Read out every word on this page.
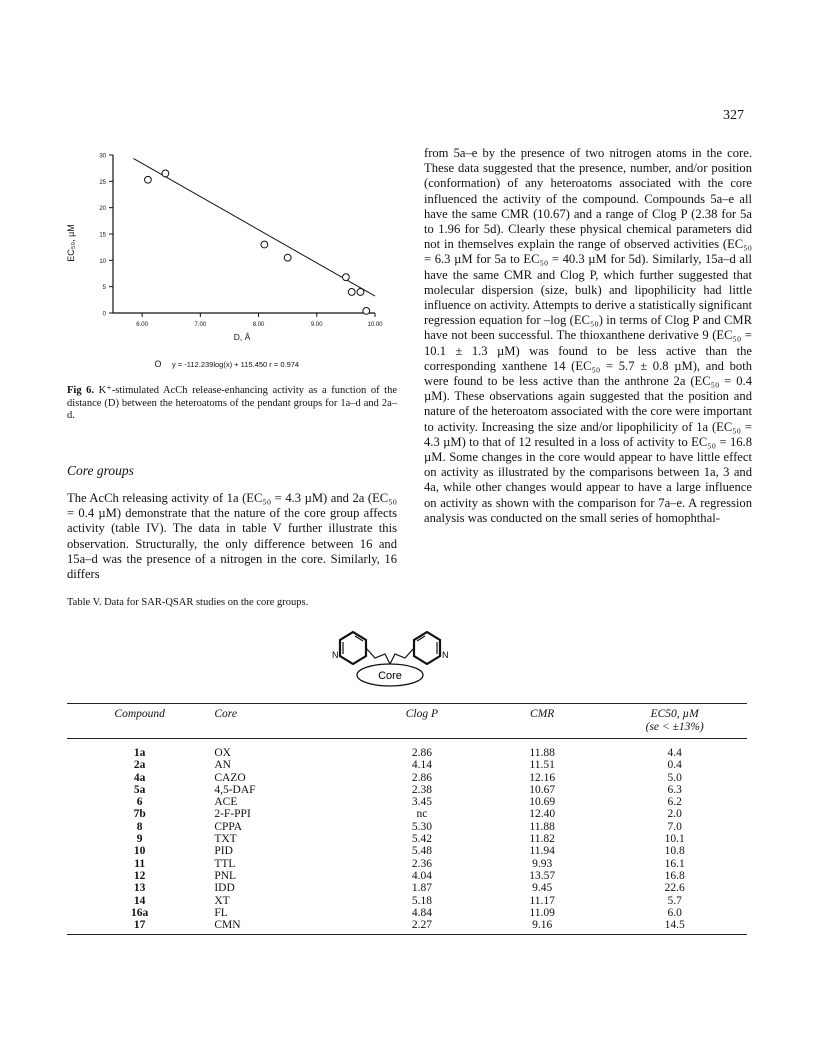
327
0
5
10
15
20
25
30
6.00	7.00	8.00	9.00	10.00
EC₅₀, µM
D, Å
O y = -112.239log(x) + 115.450 r = 0.974
Fig 6. K⁺-stimulated AcCh release-enhancing activity as a function of the distance (D) between the heteroatoms of the pendant groups for 1a–d and 2a–d.
Core groups

The AcCh releasing activity of 1a (EC₅₀ = 4.3 µM) and 2a (EC₅₀ = 0.4 µM) demonstrate that the nature of the core group affects activity (table IV). The data in table V further illustrate this observation. Structurally, the only difference between 16 and 15a–d was the presence of a nitrogen in the core. Similarly, 16 differs

from 5a–e by the presence of two nitrogen atoms in the core. These data suggested that the presence, number, and/or position (conformation) of any heteroatoms associated with the core influenced the activity of the compound. Compounds 5a–e all have the same CMR (10.67) and a range of Clog P (2.38 for 5a to 1.96 for 5d). Clearly these physical chemical parameters did not in themselves explain the range of observed activities (EC₅₀ = 6.3 µM for 5a to EC₅₀ = 40.3 µM for 5d). Similarly, 15a–d all have the same CMR and Clog P, which further suggested that molecular dispersion (size, bulk) and lipophilicity had little influence on activity. Attempts to derive a statistically significant regression equation for –log (EC₅₀) in terms of Clog P and CMR have not been successful. The thioxanthene derivative 9 (EC₅₀ = 10.1 ± 1.3 µM) was found to be less active than the corresponding xanthene 14 (EC₅₀ = 5.7 ± 0.8 µM), and both were found to be less active than the anthrone 2a (EC₅₀ = 0.4 µM). These observations again suggested that the position and nature of the heteroatom associated with the core were important to activity. Increasing the size and/or lipophilicity of 1a (EC₅₀ = 4.3 µM) to that of 12 resulted in a loss of activity to EC₅₀ = 16.8 µM. Some changes in the core would appear to have little effect on activity as illustrated by the comparisons between 1a, 3 and 4a, while other changes would appear to have a large influence on activity as shown with the comparison for 7a–e. A regression analysis was conducted on the small series of homophthal-

Table V. Data for SAR-QSAR studies on the core groups.
Core
N	N
Compound	Core	Clog P	CMR	EC50, µM
(se < ±13%)

1a	OX	2.86	11.88	4.4
2a	AN	4.14	11.51	0.4
4a	CAZO	2.86	12.16	5.0
5a	4,5-DAF	2.38	10.67	6.3
6	ACE	3.45	10.69	6.2
7b	2-F-PPI	nc	12.40	2.0
8	CPPA	5.30	11.88	7.0
9	TXT	5.42	11.82	10.1
10	PID	5.48	11.94	10.8
11	TTL	2.36	9.93	16.1
12	PNL	4.04	13.57	16.8
13	IDD	1.87	9.45	22.6
14	XT	5.18	11.17	5.7
16a	FL	4.84	11.09	6.0
17	CMN	2.27	9.16	14.5
